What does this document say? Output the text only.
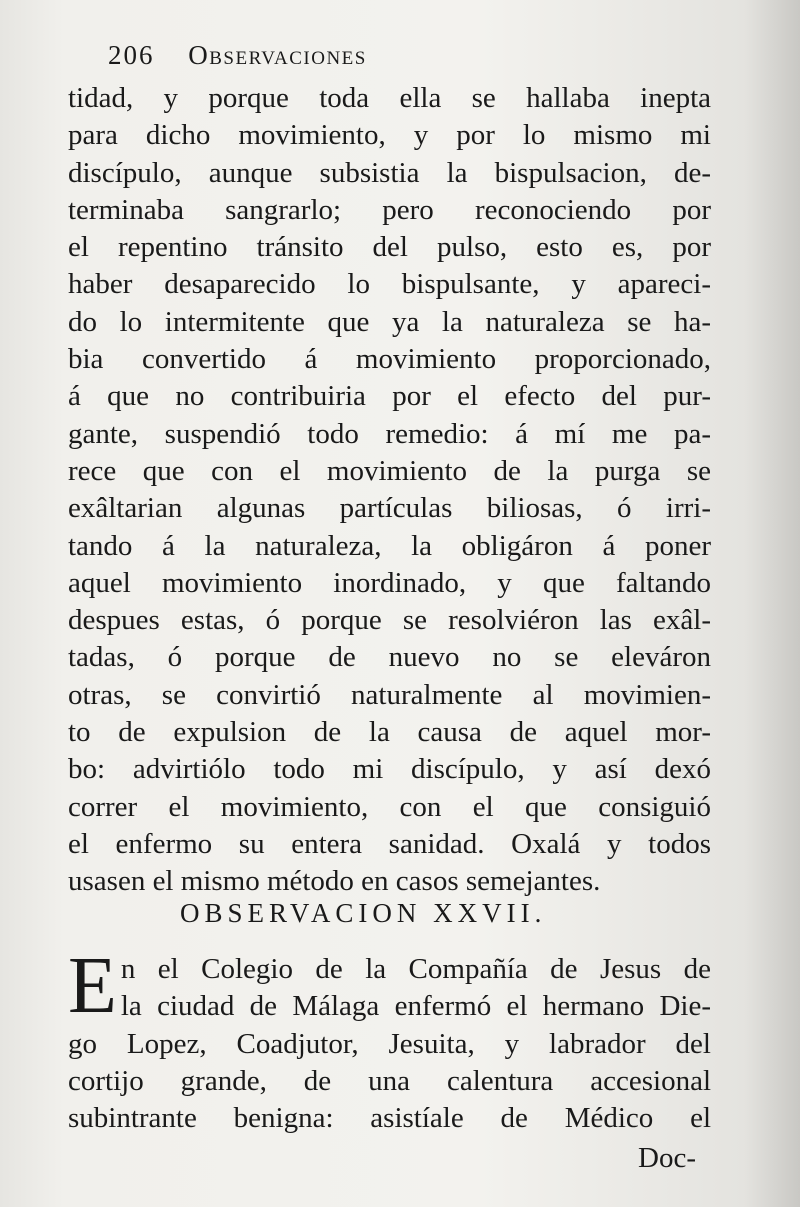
206 Observaciones
tidad, y porque toda ella se hallaba inepta
para dicho movimiento, y por lo mismo mi
discípulo, aunque subsistia la bispulsacion, de-
terminaba sangrarlo; pero reconociendo por
el repentino tránsito del pulso, esto es, por
haber desaparecido lo bispulsante, y apareci-
do lo intermitente que ya la naturaleza se ha-
bia convertido á movimiento proporcionado,
á que no contribuiria por el efecto del pur-
gante, suspendió todo remedio: á mí me pa-
rece que con el movimiento de la purga se
exâltarian algunas partículas biliosas, ó irri-
tando á la naturaleza, la obligáron á poner
aquel movimiento inordinado, y que faltando
despues estas, ó porque se resolviéron las exâl-
tadas, ó porque de nuevo no se eleváron
otras, se convirtió naturalmente al movimien-
to de expulsion de la causa de aquel mor-
bo: advirtiólo todo mi discípulo, y así dexó
correr el movimiento, con el que consiguió
el enfermo su entera sanidad. Oxalá y todos
usasen el mismo método en casos semejantes.
OBSERVACION XXVII.
E n el Colegio de la Compañía de Jesus de
la ciudad de Málaga enfermó el hermano Die-
go Lopez, Coadjutor, Jesuita, y labrador del
cortijo grande, de una calentura accesional
subintrante benigna: asistíale de Médico el
Doc-
